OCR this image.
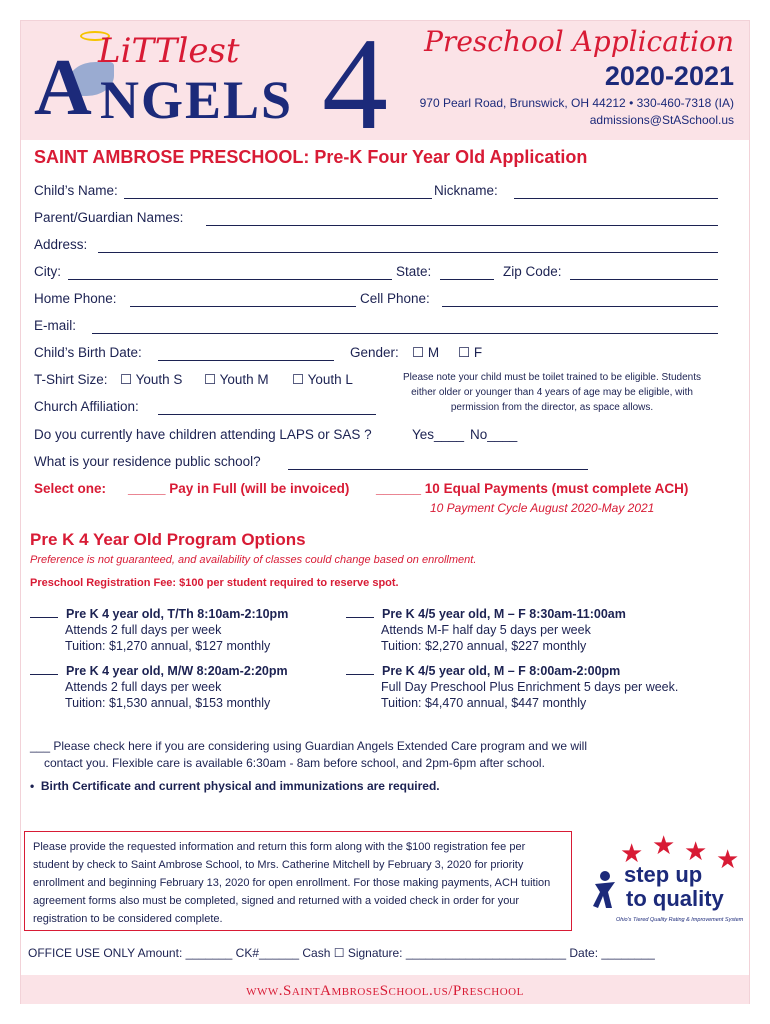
A LiTTlest
NGELS 4 Preschool Application
2020-2021
970 Pearl Road, Brunswick, OH 44212 • 330-460-7318 (IA)
admissions@StASchool.us
SAINT AMBROSE PRESCHOOL: Pre-K Four Year Old Application
Child’s Name:	Nickname:
Parent/Guardian Names:
Address:
City:	State:	Zip Code:
Home Phone:	Cell Phone:
E-mail:
Child’s Birth Date:	Gender: ☐ M ☐ F
T-Shirt Size: ☐ Youth S ☐ Youth M ☐ Youth L	Please note your child must be toilet trained to be eligible. Students either older or younger than 4 years of age may be eligible, with permission from the director, as space allows.
Church Affiliation:
Do you currently have children attending LAPS or SAS ?	Yes____ No____
What is your residence public school?
Select one: _____ Pay in Full (will be invoiced) ______ 10 Equal Payments (must complete ACH)
10 Payment Cycle August 2020-May 2021
Pre K 4 Year Old Program Options
Preference is not guaranteed, and availability of classes could change based on enrollment.
Preschool Registration Fee: $100 per student required to reserve spot.
Pre K 4 year old, T/Th 8:10am-2:10pm
Attends 2 full days per week
Tuition: $1,270 annual, $127 monthly
Pre K 4/5 year old, M – F 8:30am-11:00am
Attends M-F half day 5 days per week
Tuition: $2,270 annual, $227 monthly
Pre K 4 year old, M/W 8:20am-2:20pm
Attends 2 full days per week
Tuition: $1,530 annual, $153 monthly
Pre K 4/5 year old, M – F 8:00am-2:00pm
Full Day Preschool Plus Enrichment 5 days per week.
Tuition: $4,470 annual, $447 monthly
___ Please check here if you are considering using Guardian Angels Extended Care program and we will
contact you. Flexible care is available 6:30am - 8am before school, and 2pm-6pm after school.
• Birth Certificate and current physical and immunizations are required.
Please provide the requested information and return this form along with the $100 registration fee per student by check to Saint Ambrose School, to Mrs. Catherine Mitchell by February 3, 2020 for priority enrollment and beginning February 13, 2020 for open enrollment. For those making payments, ACH tuition agreement forms also must be completed, signed and returned with a voided check in order for your registration to be considered complete.
★ ★ ★ ★
step up
to quality
Ohio's Tiered Quality Rating & Improvement System
OFFICE USE ONLY Amount: _______ CK#______ Cash ☐ Signature: ________________________ Date: ________
www.SaintAmbroseSchool.us/Preschool
